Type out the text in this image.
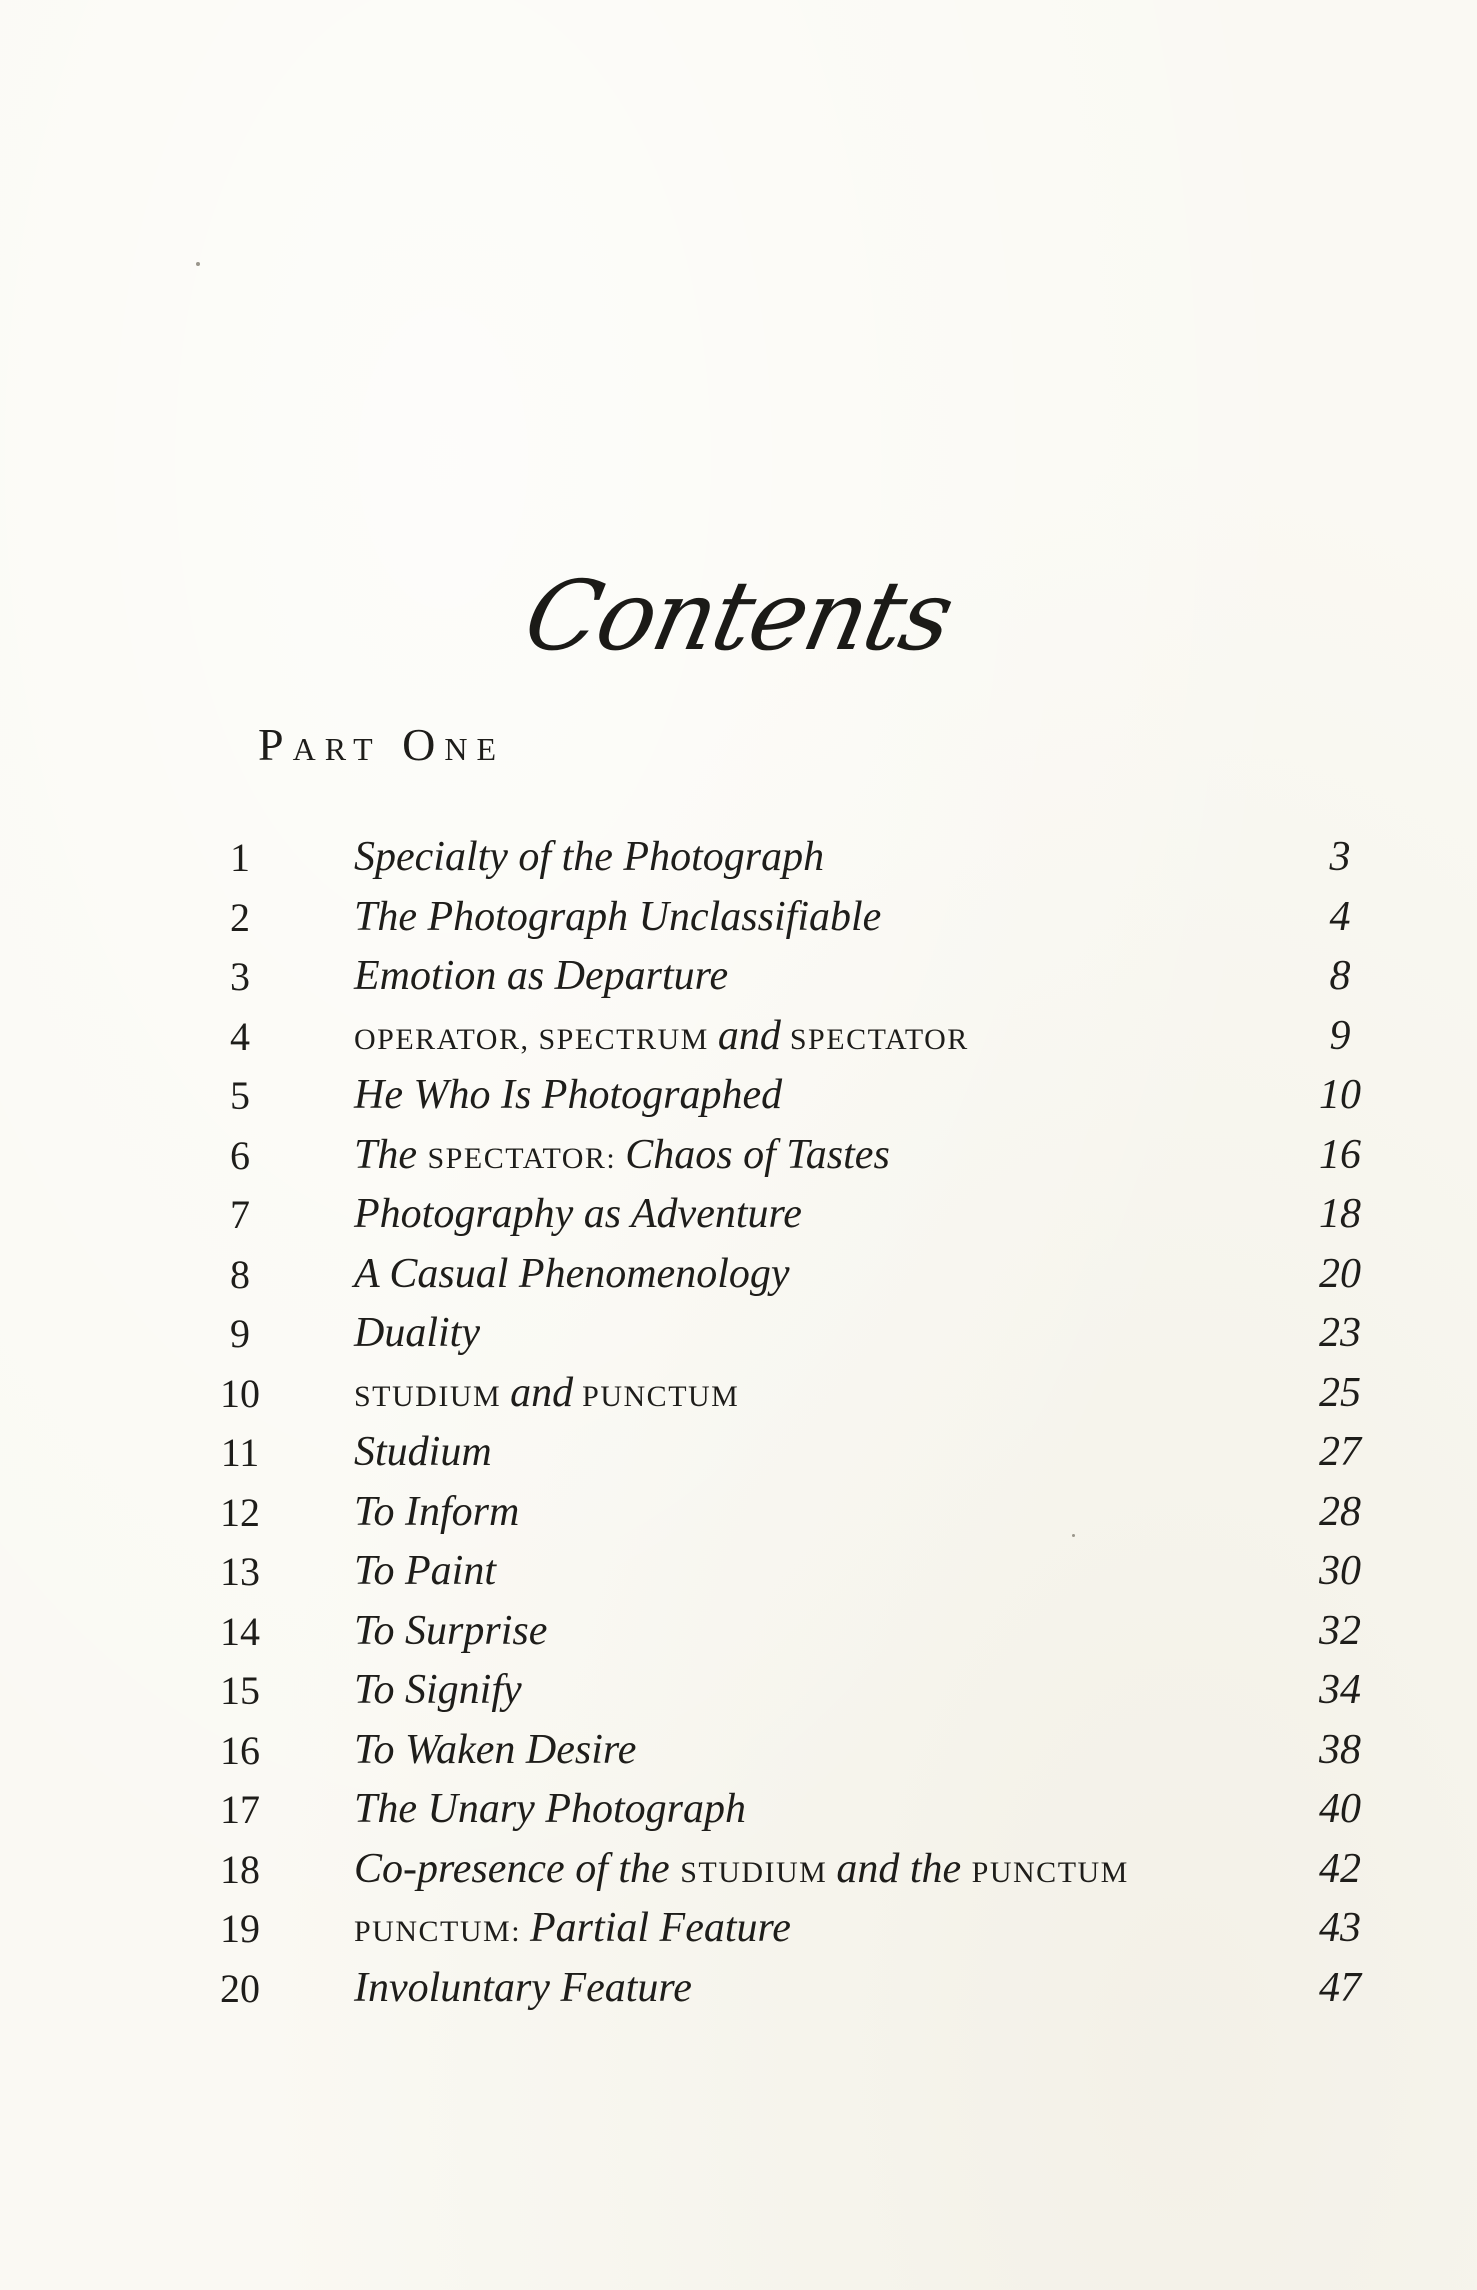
Contents
Part One
1	Specialty of the Photograph	3
2	The Photograph Unclassifiable	4
3	Emotion as Departure	8
4	OPERATOR, SPECTRUM and SPECTATOR	9
5	He Who Is Photographed	10
6	The SPECTATOR: Chaos of Tastes	16
7	Photography as Adventure	18
8	A Casual Phenomenology	20
9	Duality	23
10	STUDIUM and PUNCTUM	25
11	Studium	27
12	To Inform	28
13	To Paint	30
14	To Surprise	32
15	To Signify	34
16	To Waken Desire	38
17	The Unary Photograph	40
18	Co-presence of the STUDIUM and the PUNCTUM	42
19	PUNCTUM: Partial Feature	43
20	Involuntary Feature	47
